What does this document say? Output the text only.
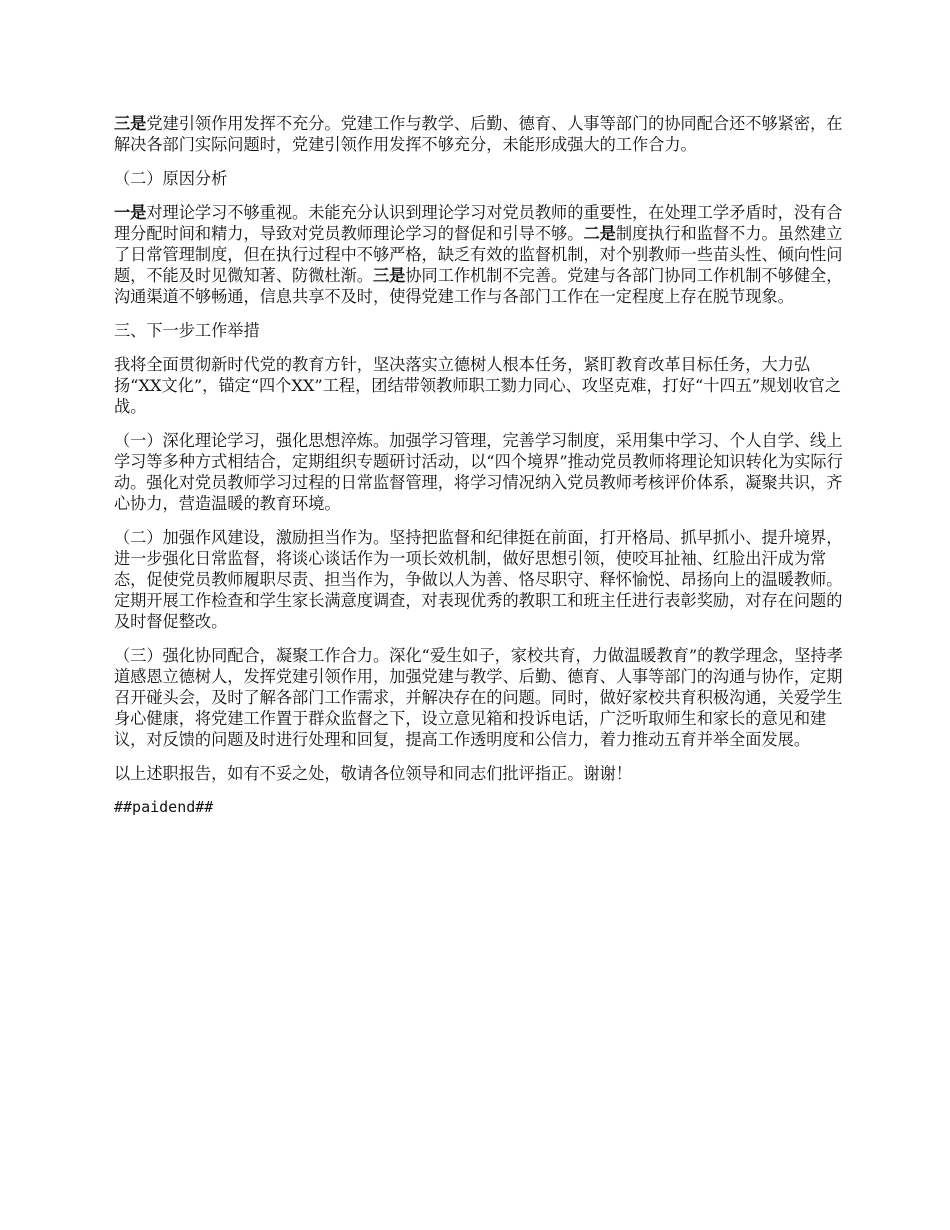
三是党建引领作用发挥不充分。党建工作与教学、后勤、德育、人事等部门的协同配合还不够紧密，在解决各部门实际问题时，党建引领作用发挥不够充分，未能形成强大的工作合力。

（二）原因分析

一是对理论学习不够重视。未能充分认识到理论学习对党员教师的重要性，在处理工学矛盾时，没有合理分配时间和精力，导致对党员教师理论学习的督促和引导不够。二是制度执行和监督不力。虽然建立了日常管理制度，但在执行过程中不够严格，缺乏有效的监督机制，对个别教师一些苗头性、倾向性问题，不能及时见微知著、防微杜渐。三是协同工作机制不完善。党建与各部门协同工作机制不够健全，沟通渠道不够畅通，信息共享不及时，使得党建工作与各部门工作在一定程度上存在脱节现象。

三、下一步工作举措

我将全面贯彻新时代党的教育方针，坚决落实立德树人根本任务，紧盯教育改革目标任务，大力弘扬“XX文化”，锚定“四个XX”工程，团结带领教师职工勠力同心、攻坚克难，打好“十四五”规划收官之战。

（一）深化理论学习，强化思想淬炼。加强学习管理，完善学习制度，采用集中学习、个人自学、线上学习等多种方式相结合，定期组织专题研讨活动，以“四个境界”推动党员教师将理论知识转化为实际行动。强化对党员教师学习过程的日常监督管理，将学习情况纳入党员教师考核评价体系，凝聚共识，齐心协力，营造温暖的教育环境。

（二）加强作风建设，激励担当作为。坚持把监督和纪律挺在前面，打开格局、抓早抓小、提升境界，进一步强化日常监督，将谈心谈话作为一项长效机制，做好思想引领，使咬耳扯袖、红脸出汗成为常态，促使党员教师履职尽责、担当作为，争做以人为善、恪尽职守、释怀愉悦、昂扬向上的温暖教师。定期开展工作检查和学生家长满意度调查，对表现优秀的教职工和班主任进行表彰奖励，对存在问题的及时督促整改。

（三）强化协同配合，凝聚工作合力。深化“爱生如子，家校共育，力做温暖教育”的教学理念，坚持孝道感恩立德树人，发挥党建引领作用，加强党建与教学、后勤、德育、人事等部门的沟通与协作，定期召开碰头会，及时了解各部门工作需求，并解决存在的问题。同时，做好家校共育积极沟通，关爱学生身心健康，将党建工作置于群众监督之下，设立意见箱和投诉电话，广泛听取师生和家长的意见和建议，对反馈的问题及时进行处理和回复，提高工作透明度和公信力，着力推动五育并举全面发展。

以上述职报告，如有不妥之处，敬请各位领导和同志们批评指正。谢谢！

##paidend##
